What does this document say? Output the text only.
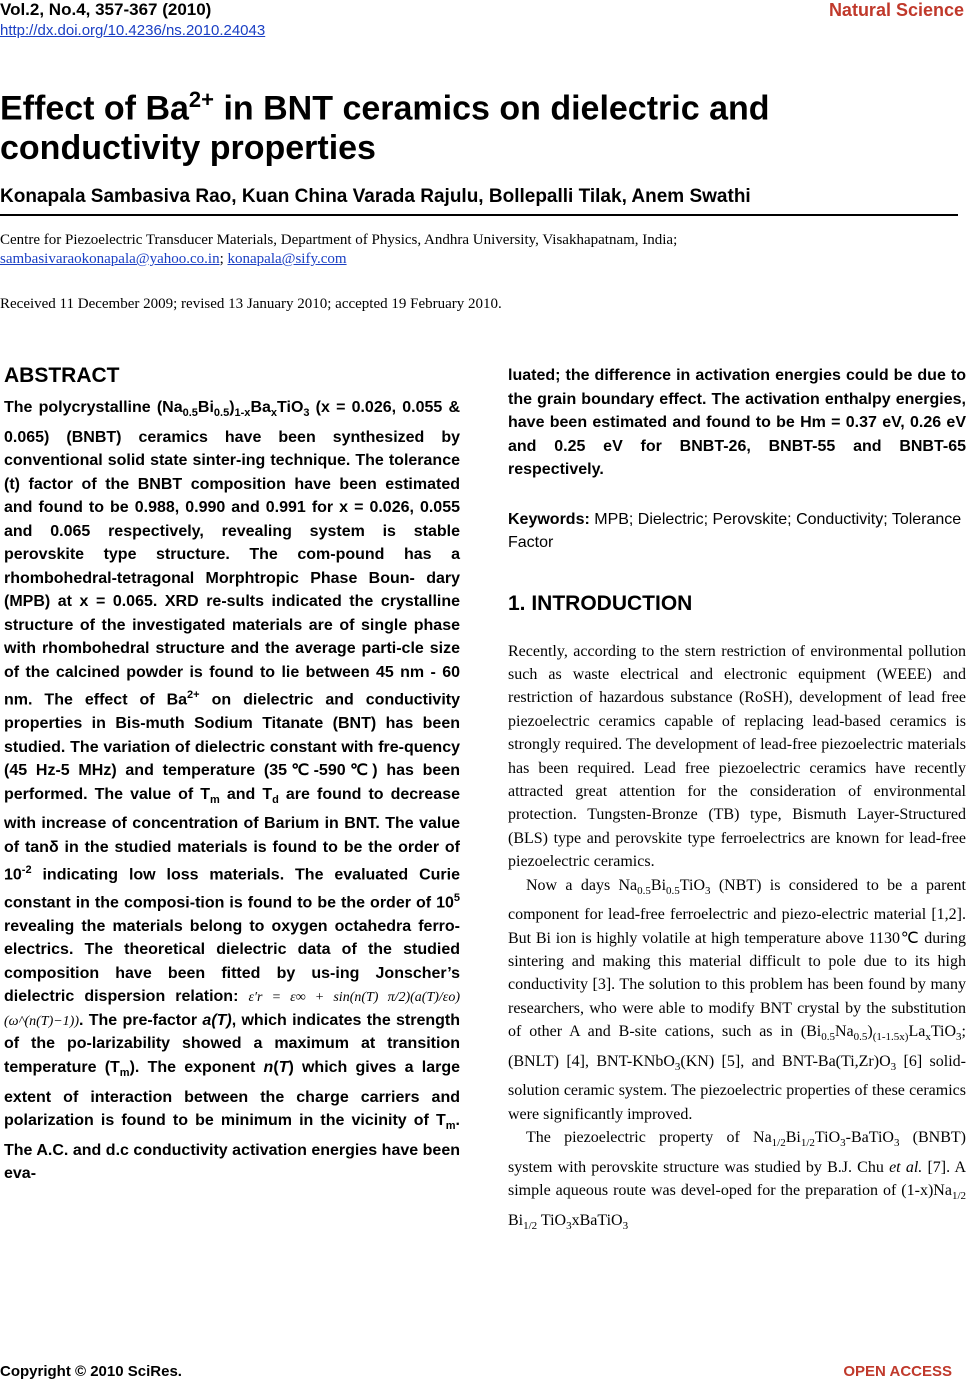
Vol.2, No.4, 357-367 (2010)	Natural Science
http://dx.doi.org/10.4236/ns.2010.24043
Effect of $Ba^{2+}$ in BNT ceramics on dielectric and conductivity properties
Konapala Sambasiva Rao, Kuan China Varada Rajulu, Bollepalli Tilak, Anem Swathi
Centre for Piezoelectric Transducer Materials, Department of Physics, Andhra University, Visakhapatnam, India;
sambasivaraokonapala@yahoo.co.in; konapala@sify.com
Received 11 December 2009; revised 13 January 2010; accepted 19 February 2010.
ABSTRACT

The polycrystalline $(Na_{0.5}Bi_{0.5})_{1-x}Ba_xTiO_3$ (x = 0.026, 0.055 & 0.065) (BNBT) ceramics have been synthesized by conventional solid state sinter-ing technique. The tolerance (t) factor of the BNBT composition have been estimated and found to be 0.988, 0.990 and 0.991 for x = 0.026, 0.055 and 0.065 respectively, revealing system is stable perovskite type structure. The com-pound has a rhombohedral-tetragonal Morphtropic Phase Boun- dary (MPB) at x = 0.065. XRD re-sults indicated the crystalline structure of the investigated materials are of single phase with rhombohedral structure and the average parti-cle size of the calcined powder is found to lie between 45 nm - 60 nm. The effect of $Ba^{2+}$ on dielectric and conductivity properties in Bis-muth Sodium Titanate (BNT) has been studied. The variation of dielectric constant with fre-quency (45 Hz-5 MHz) and temperature (35℃-590℃) has been performed. The value of $T_m$ and $T_d$ are found to decrease with increase of concentration of Barium in BNT. The value of tanδ in the studied materials is found to be the order of $10^{-2}$ indicating low loss materials. The evaluated Curie constant in the composi-tion is found to be the order of $10^5$ revealing the materials belong to oxygen octahedra ferro-electrics. The theoretical dielectric data of the studied composition have been fitted by us-ing Jonscher’s dielectric dispersion relation: ε′r = ε∞ + sin(n(T) π/2)(a(T)/εo)(ω^(n(T)−1)). The pre-factor a(T), which indicates the strength of the po-larizability showed a maximum at transition temperature $(T_m)$. The exponent n(T) which gives a large extent of interaction between the charge carriers and polarization is found to be minimum in the vicinity of $T_m$. The A.C. and d.c conductivity activation energies have been eva-

luated; the difference in activation energies could be due to the grain boundary effect. The activation enthalpy energies, have been estimated and found to be Hm = 0.37 eV, 0.26 eV and 0.25 eV for BNBT-26, BNBT-55 and BNBT-65 respectively.

Keywords: MPB; Dielectric; Perovskite; Conductivity; Tolerance Factor

1. INTRODUCTION

Recently, according to the stern restriction of environmental pollution such as waste electrical and electronic equipment (WEEE) and restriction of hazardous substance (RoSH), development of lead free piezoelectric ceramics capable of replacing lead-based ceramics is strongly required. The development of lead-free piezoelectric materials has been required. Lead free piezoelectric ceramics have recently attracted great attention for the consideration of environmental protection. Tungsten-Bronze (TB) type, Bismuth Layer-Structured (BLS) type and perovskite type ferroelectrics are known for lead-free piezoelectric ceramics.

Now a days $Na_{0.5}Bi_{0.5}TiO_3$ (NBT) is considered to be a parent component for lead-free ferroelectric and piezo-electric material [1,2]. But Bi ion is highly volatile at high temperature above 1130℃ during sintering and making this material difficult to pole due to its high conductivity [3]. The solution to this problem has been found by many researchers, who were able to modify BNT crystal by the substitution of other A and B-site cations, such as in $(Bi_{0.5}Na_{0.5})_{(1-1.5x)}La_xTiO_3$; (BNLT) [4], BNT-KNbO$_3$(KN) [5], and BNT-$Ba(Ti,Zr)O_3$ [6] solid-solution ceramic system. The piezoelectric properties of these ceramics were significantly improved.

The piezoelectric property of $Na_{1/2}Bi_{1/2}TiO_3-BaTiO_3$ (BNBT) system with perovskite structure was studied by B.J. Chu et al. [7]. A simple aqueous route was devel-oped for the preparation of $(1-x)Na_{1/2}$ $Bi_{1/2}$ TiO$_3$xBaTiO$_3$

Copyright © 2010 SciRes.	OPEN ACCESS
